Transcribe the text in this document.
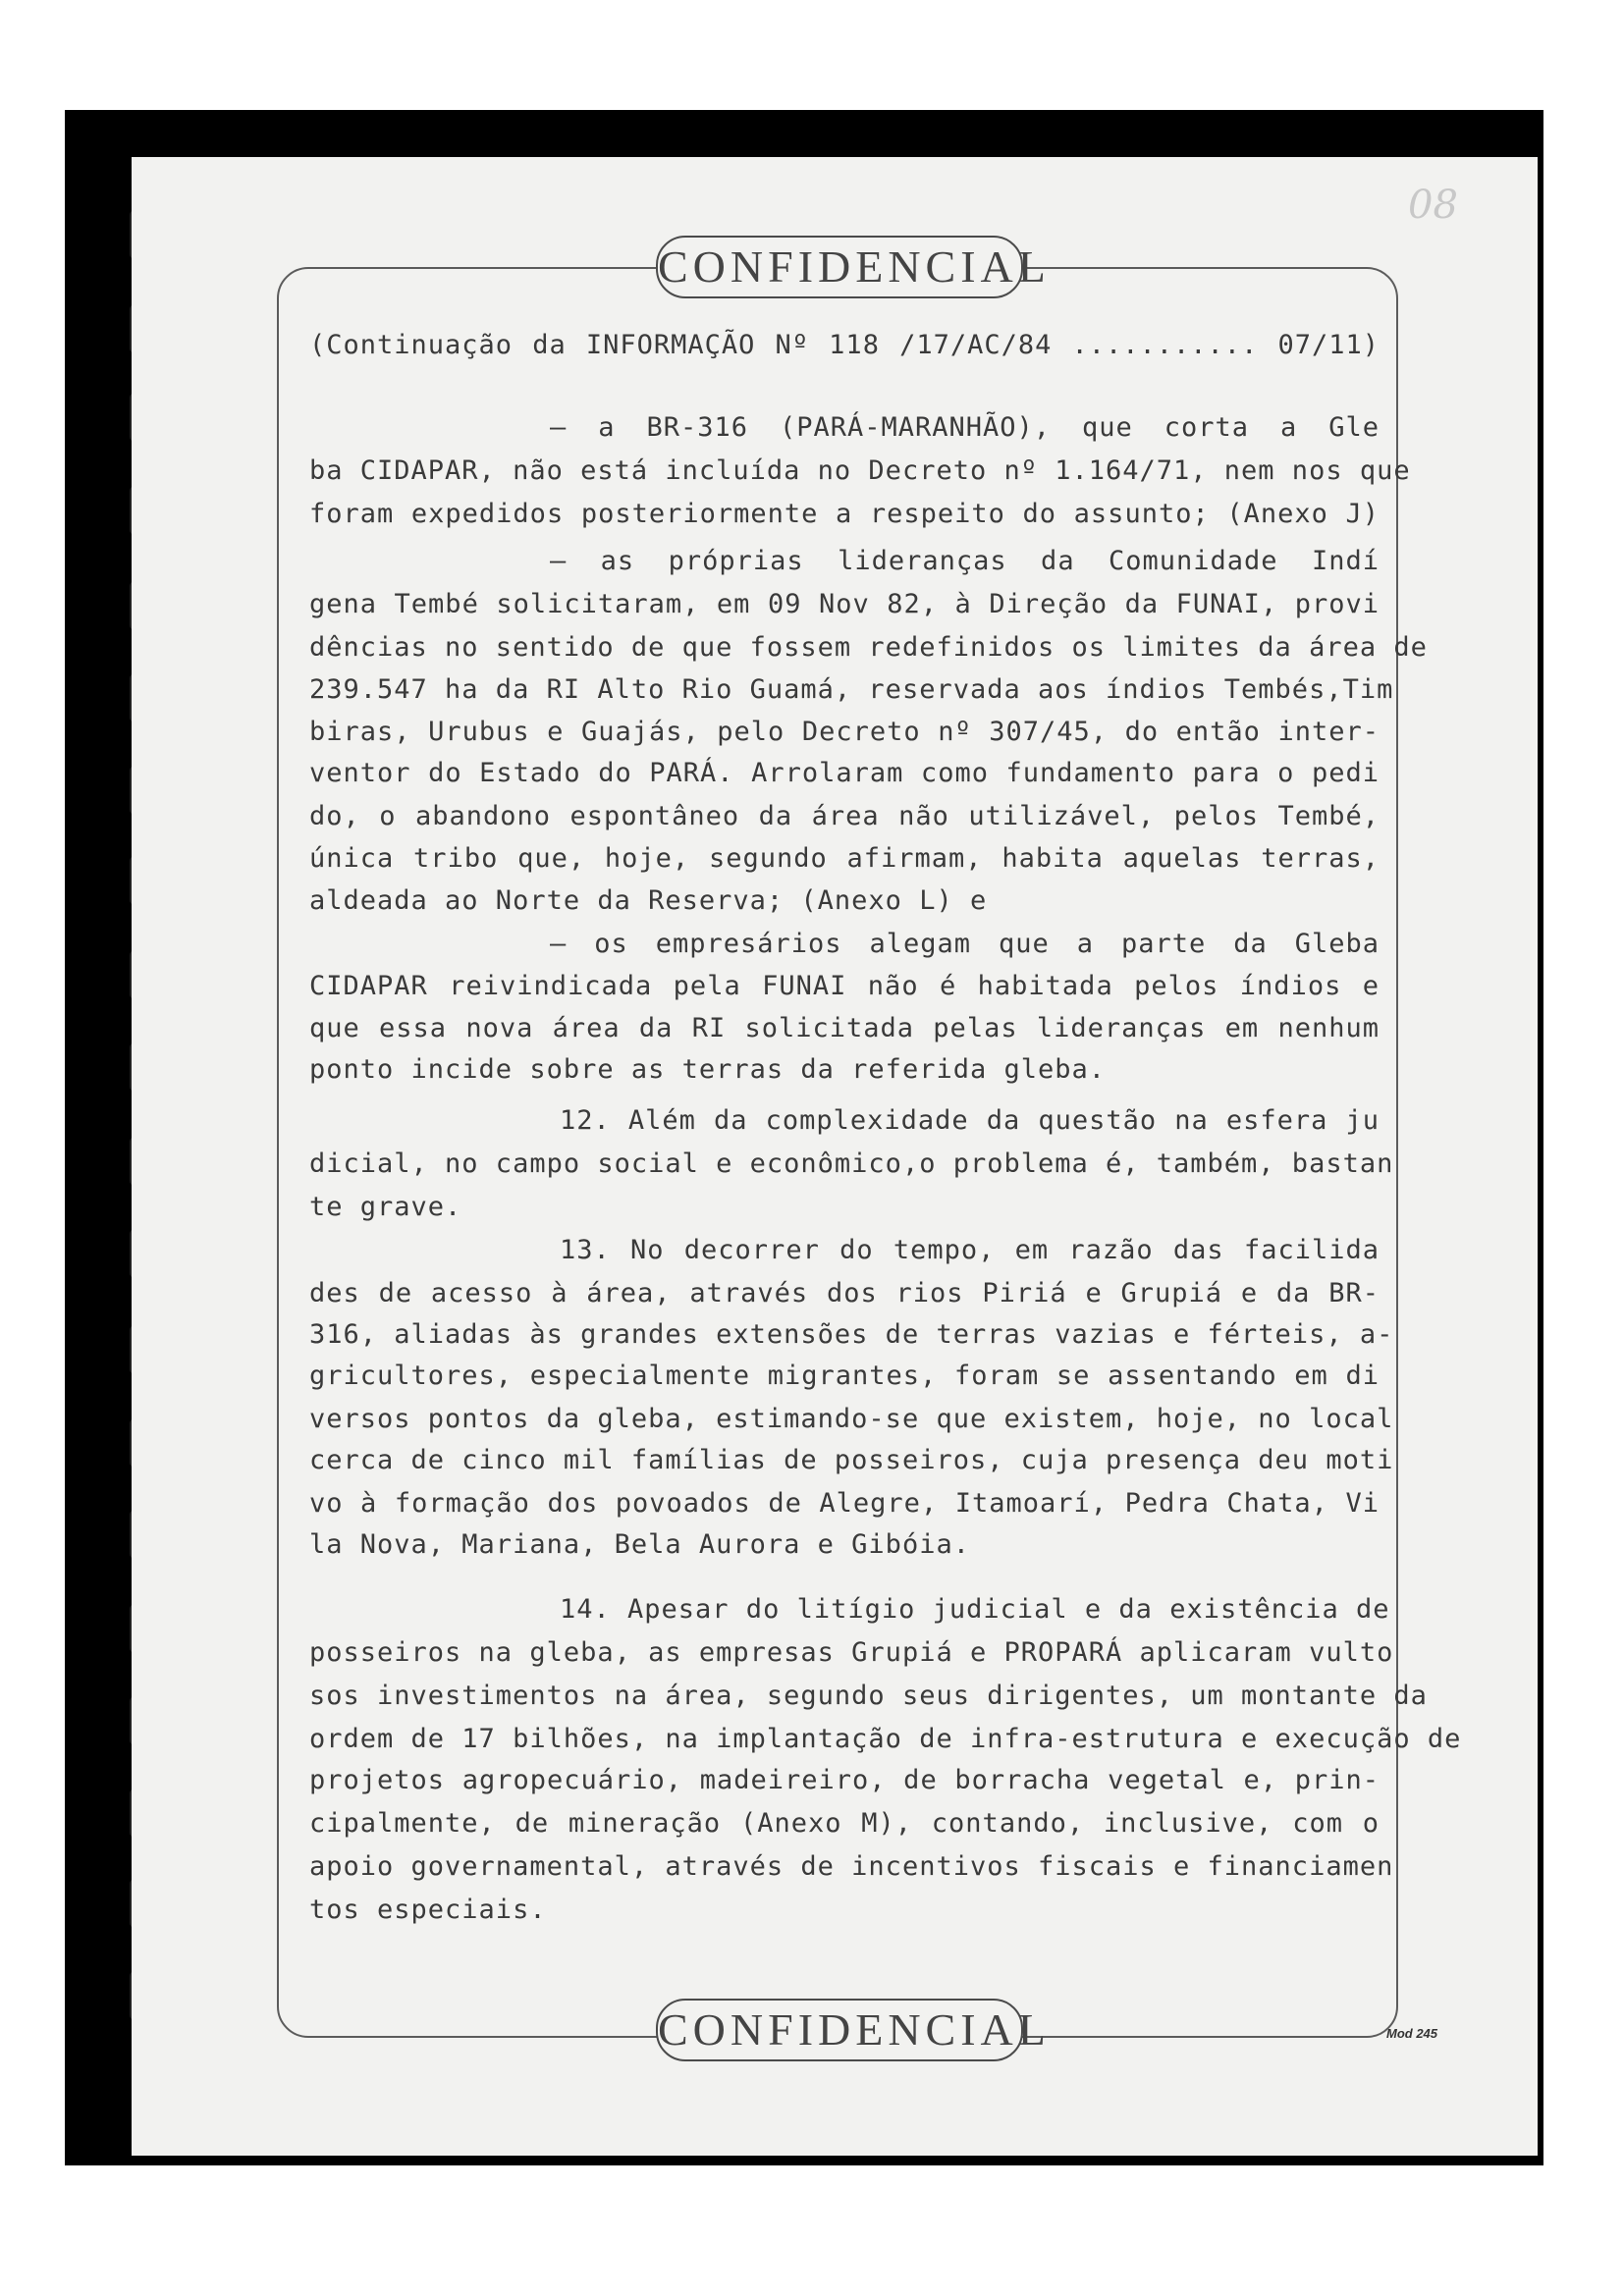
08
CONFIDENCIAL
CONFIDENCIAL	Mod 245
(Continuação da INFORMAÇÃO Nº 118 /17/AC/84 ........... 07/11)
— a BR-316 (PARÁ-MARANHÃO), que corta a Gle
ba CIDAPAR, não está incluída no Decreto nº 1.164/71, nem nos que
foram expedidos posteriormente a respeito do assunto; (Anexo J)
— as próprias lideranças da Comunidade Indí
gena Tembé solicitaram, em 09 Nov 82, à Direção da FUNAI, provi
dências no sentido de que fossem redefinidos os limites da área de
239.547 ha da RI Alto Rio Guamá, reservada aos índios Tembés,Tim
biras, Urubus e Guajás, pelo Decreto nº 307/45, do então inter-
ventor do Estado do PARÁ. Arrolaram como fundamento para o pedi
do, o abandono espontâneo da área não utilizável, pelos Tembé,
única tribo que, hoje, segundo afirmam, habita aquelas terras,
aldeada ao Norte da Reserva; (Anexo L) e
— os empresários alegam que a parte da Gleba
CIDAPAR reivindicada pela FUNAI não é habitada pelos índios e
que essa nova área da RI solicitada pelas lideranças em nenhum
ponto incide sobre as terras da referida gleba.
12. Além da complexidade da questão na esfera ju
dicial, no campo social e econômico,o problema é, também, bastan
te grave.
13. No decorrer do tempo, em razão das facilida
des de acesso à área, através dos rios Piriá e Grupiá e da BR-
316, aliadas às grandes extensões de terras vazias e férteis, a-
gricultores, especialmente migrantes, foram se assentando em di
versos pontos da gleba, estimando-se que existem, hoje, no local
cerca de cinco mil famílias de posseiros, cuja presença deu moti
vo à formação dos povoados de Alegre, Itamoarí, Pedra Chata, Vi
la Nova, Mariana, Bela Aurora e Gibóia.
14. Apesar do litígio judicial e da existência de
posseiros na gleba, as empresas Grupiá e PROPARÁ aplicaram vulto
sos investimentos na área, segundo seus dirigentes, um montante da
ordem de 17 bilhões, na implantação de infra-estrutura e execução de
projetos agropecuário, madeireiro, de borracha vegetal e, prin-
cipalmente, de mineração (Anexo M), contando, inclusive, com o
apoio governamental, através de incentivos fiscais e financiamen
tos especiais.
